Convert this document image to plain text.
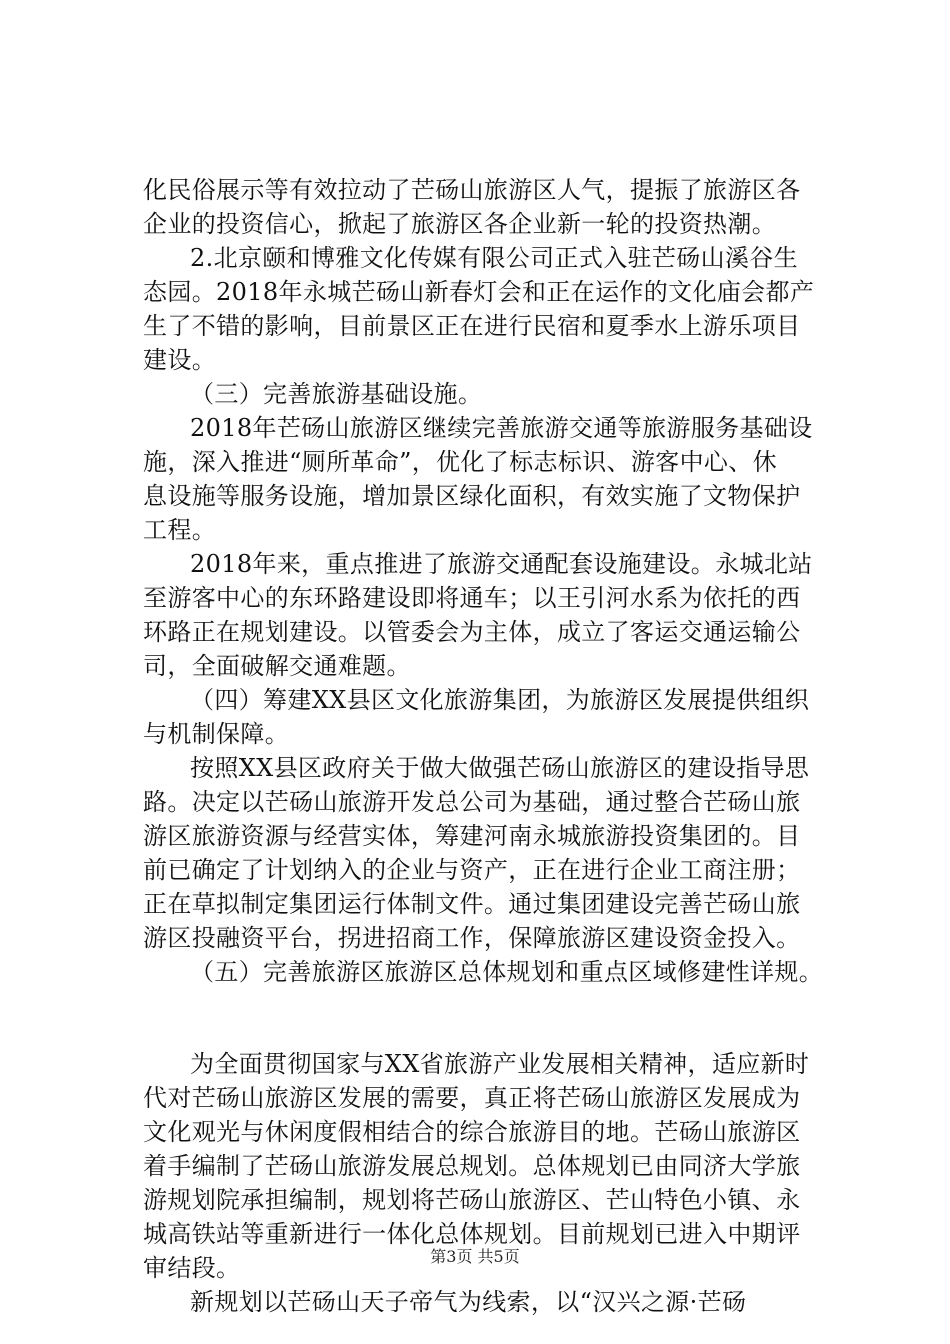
化民俗展示等有效拉动了芒砀山旅游区人气，提振了旅游区各
企业的投资信心，掀起了旅游区各企业新一轮的投资热潮。
2.北京颐和博雅文化传媒有限公司正式入驻芒砀山溪谷生
态园。2018年永城芒砀山新春灯会和正在运作的文化庙会都产
生了不错的影响，目前景区正在进行民宿和夏季水上游乐项目
建设。
（三）完善旅游基础设施。
2018年芒砀山旅游区继续完善旅游交通等旅游服务基础设
施，深入推进“厕所革命”，优化了标志标识、游客中心、休
息设施等服务设施，增加景区绿化面积，有效实施了文物保护
工程。
2018年来，重点推进了旅游交通配套设施建设。永城北站
至游客中心的东环路建设即将通车；以王引河水系为依托的西
环路正在规划建设。以管委会为主体，成立了客运交通运输公
司，全面破解交通难题。
（四）筹建XX县区文化旅游集团，为旅游区发展提供组织
与机制保障。
按照XX县区政府关于做大做强芒砀山旅游区的建设指导思
路。决定以芒砀山旅游开发总公司为基础，通过整合芒砀山旅
游区旅游资源与经营实体，筹建河南永城旅游投资集团的。目
前已确定了计划纳入的企业与资产，正在进行企业工商注册；
正在草拟制定集团运行体制文件。通过集团建设完善芒砀山旅
游区投融资平台，拐进招商工作，保障旅游区建设资金投入。
（五）完善旅游区旅游区总体规划和重点区域修建性详规。
为全面贯彻国家与XX省旅游产业发展相关精神，适应新时
代对芒砀山旅游区发展的需要，真正将芒砀山旅游区发展成为
文化观光与休闲度假相结合的综合旅游目的地。芒砀山旅游区
着手编制了芒砀山旅游发展总规划。总体规划已由同济大学旅
游规划院承担编制，规划将芒砀山旅游区、芒山特色小镇、永
城高铁站等重新进行一体化总体规划。目前规划已进入中期评
审结段。
新规划以芒砀山天子帝气为线索，以“汉兴之源·芒砀
第3页 共5页
